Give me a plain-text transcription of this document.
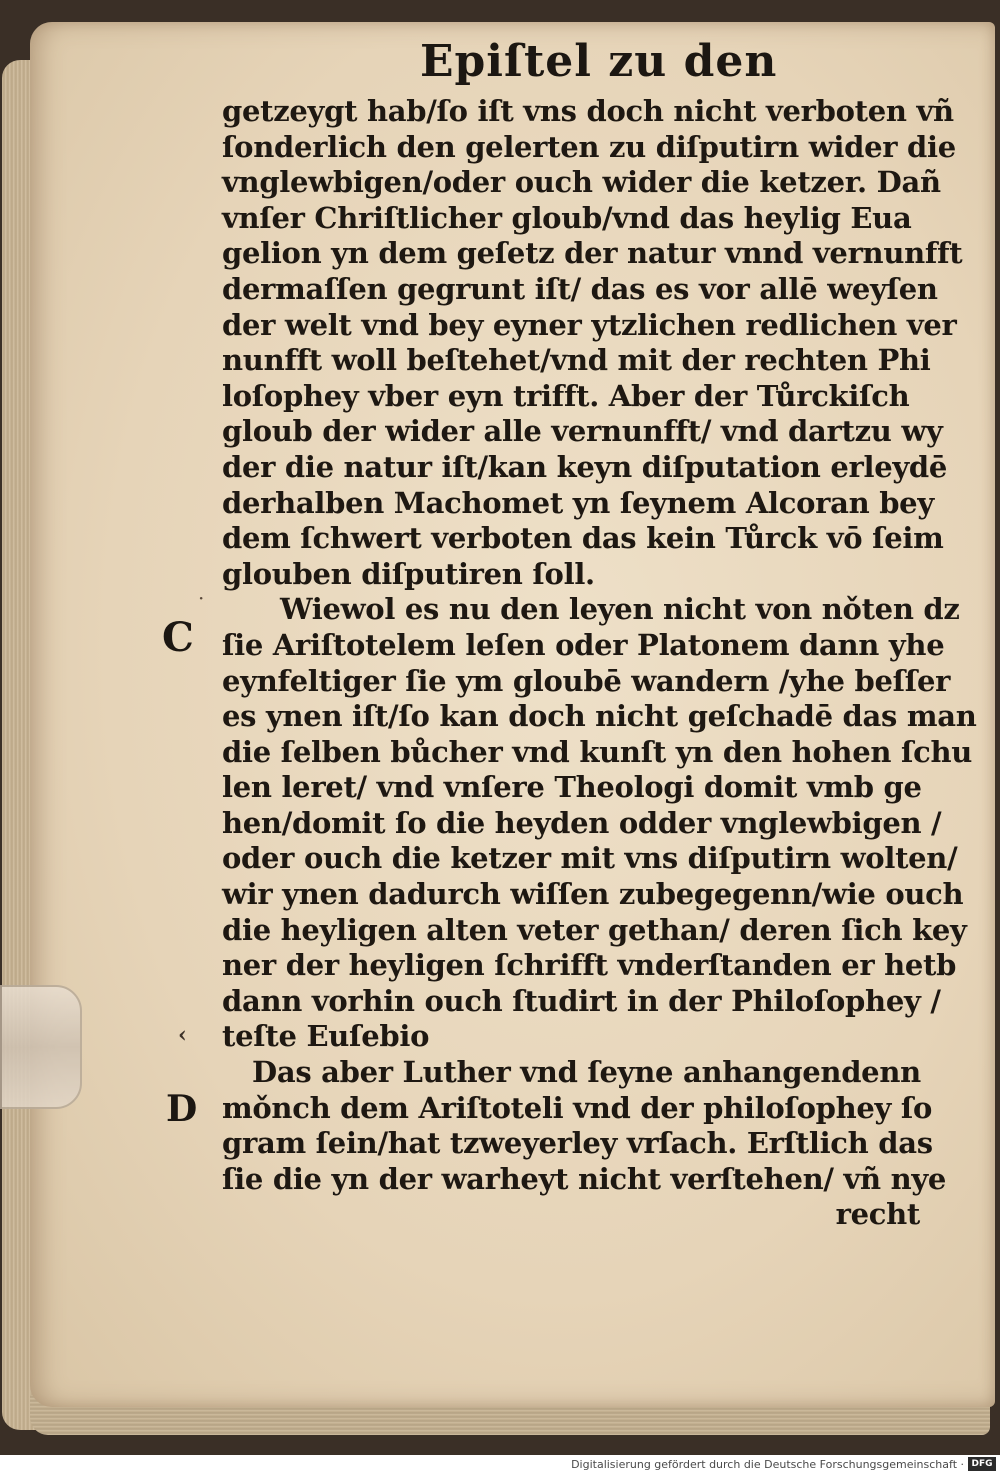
Epiſtel zu den
·
C
‹
D
getzeygt hab/ſo iſt vns doch nicht verboten vñ
ſonderlich den gelerten zu diſputirn wider die
vnglewbigen/oder ouch wider die ketzer. Dañ
vnſer Chriſtlicher gloub/vnd das heylig Eua
gelion yn dem geſetz der natur vnnd vernunfft
dermaſſen gegrunt iſt/ das es vor allē weyſen
der welt vnd bey eyner ytzlichen redlichen ver
nunfft woll beſtehet/vnd mit der rechten Phi
loſophey vber eyn trifft. Aber der Tůrckiſch
gloub der wider alle vernunfft/ vnd dartzu wy
der die natur iſt/kan keyn diſputation erleydē
derhalben Machomet yn ſeynem Alcoran bey
dem ſchwert verboten das kein Tůrck vō ſeim
glouben diſputiren ſoll.
Wiewol es nu den leyen nicht von nǒten dz
ſie Ariſtotelem leſen oder Platonem dann yhe
eynfeltiger ſie ym gloubē wandern /yhe beſſer
es ynen iſt/ſo kan doch nicht geſchadē das man
die ſelben bůcher vnd kunſt yn den hohen ſchu
len leret/ vnd vnſere Theologi domit vmb ge
hen/domit ſo die heyden odder vnglewbigen /
oder ouch die ketzer mit vns diſputirn wolten/
wir ynen dadurch wiſſen zubegegenn/wie ouch
die heyligen alten veter gethan/ deren ſich key
ner der heyligen ſchrifft vnderſtanden er hetb
dann vorhin ouch ſtudirt in der Philoſophey /
teſte Euſebio
Das aber Luther vnd ſeyne anhangendenn
mǒnch dem Ariſtoteli vnd der philoſophey ſo
gram ſein/hat tzweyerley vrſach. Erſtlich das
ſie die yn der warheyt nicht verſtehen/ vñ nye
recht
Digitalisierung gefördert durch die Deutsche Forschungsgemeinschaft · DFG
